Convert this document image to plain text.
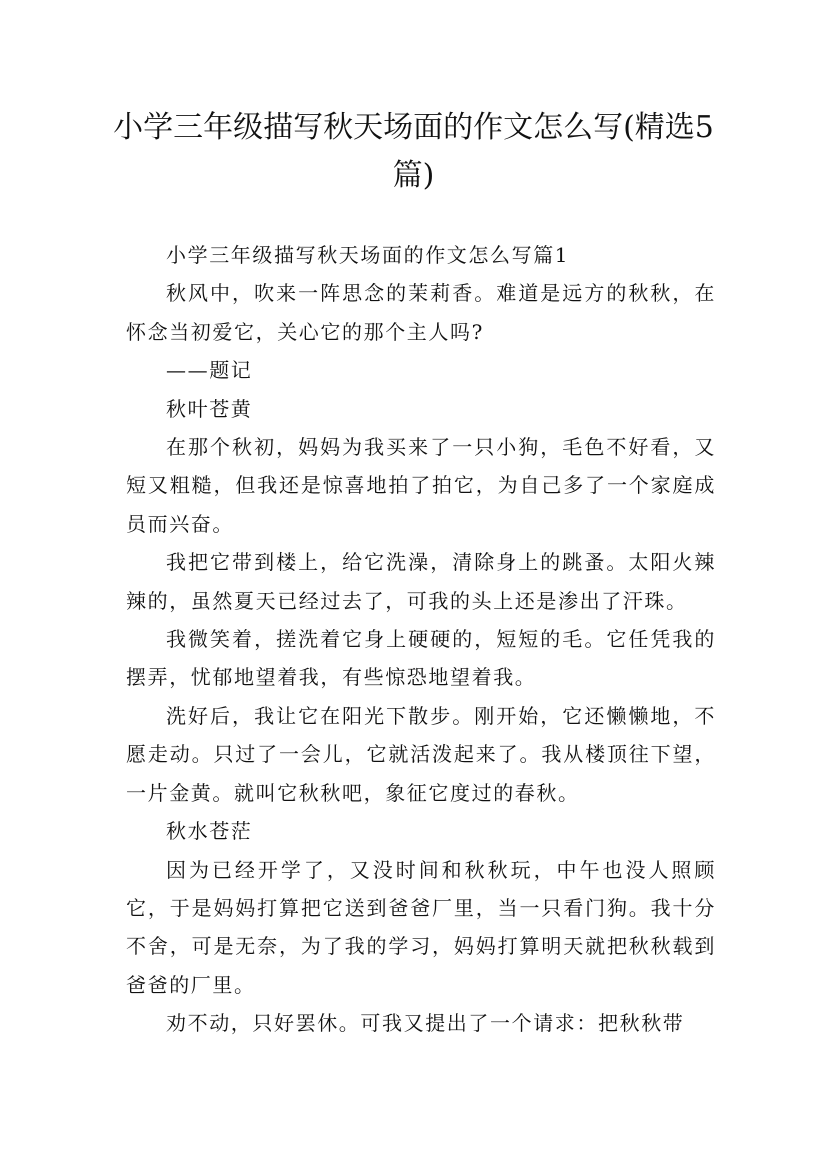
小学三年级描写秋天场面的作文怎么写(精选5篇)

小学三年级描写秋天场面的作文怎么写篇1

秋风中，吹来一阵思念的茉莉香。难道是远方的秋秋，在怀念当初爱它，关心它的那个主人吗?

——题记

秋叶苍黄

在那个秋初，妈妈为我买来了一只小狗，毛色不好看，又短又粗糙，但我还是惊喜地拍了拍它，为自己多了一个家庭成员而兴奋。

我把它带到楼上，给它洗澡，清除身上的跳蚤。太阳火辣辣的，虽然夏天已经过去了，可我的头上还是渗出了汗珠。

我微笑着，搓洗着它身上硬硬的，短短的毛。它任凭我的摆弄，忧郁地望着我，有些惊恐地望着我。

洗好后，我让它在阳光下散步。刚开始，它还懒懒地，不愿走动。只过了一会儿，它就活泼起来了。我从楼顶往下望，一片金黄。就叫它秋秋吧，象征它度过的春秋。

秋水苍茫

因为已经开学了，又没时间和秋秋玩，中午也没人照顾它，于是妈妈打算把它送到爸爸厂里，当一只看门狗。我十分不舍，可是无奈，为了我的学习，妈妈打算明天就把秋秋载到爸爸的厂里。

劝不动，只好罢休。可我又提出了一个请求：把秋秋带
